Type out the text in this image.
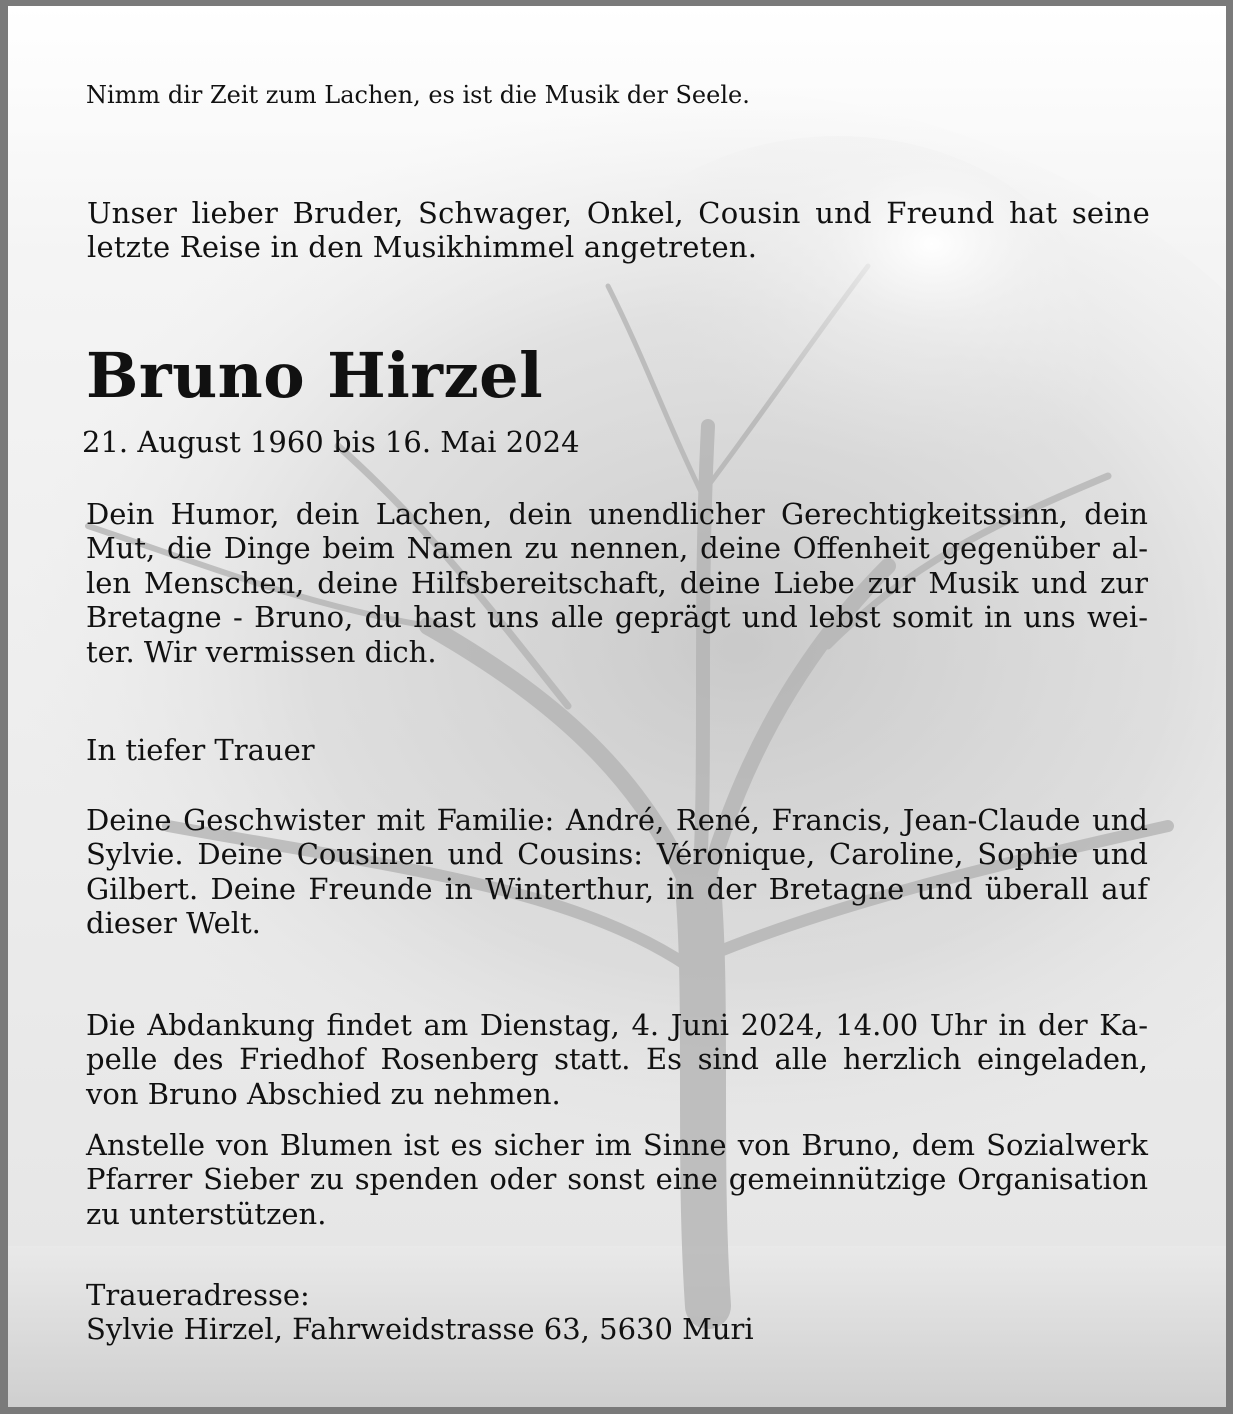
Nimm dir Zeit zum Lachen, es ist die Musik der Seele.

Unser lieber Bruder, Schwager, Onkel, Cousin und Freund hat seine letzte Reise in den Musikhimmel angetreten.

Bruno Hirzel

21. August 1960 bis 16. Mai 2024

Dein Humor, dein Lachen, dein unendlicher Gerechtigkeitssinn, dein Mut, die Dinge beim Namen zu nennen, deine Offenheit gegenüber al-len Menschen, deine Hilfsbereitschaft, deine Liebe zur Musik und zur Bretagne - Bruno, du hast uns alle geprägt und lebst somit in uns wei-ter. Wir vermissen dich.

In tiefer Trauer

Deine Geschwister mit Familie: André, René, Francis, Jean-Claude und Sylvie. Deine Cousinen und Cousins: Véronique, Caroline, Sophie und Gilbert. Deine Freunde in Winterthur, in der Bretagne und überall auf dieser Welt.

Die Abdankung findet am Dienstag, 4. Juni 2024, 14.00 Uhr in der Ka-pelle des Friedhof Rosenberg statt. Es sind alle herzlich eingeladen, von Bruno Abschied zu nehmen.

Anstelle von Blumen ist es sicher im Sinne von Bruno, dem Sozialwerk Pfarrer Sieber zu spenden oder sonst eine gemeinnützige Organisation zu unterstützen.

Traueradresse:

Sylvie Hirzel, Fahrweidstrasse 63, 5630 Muri
